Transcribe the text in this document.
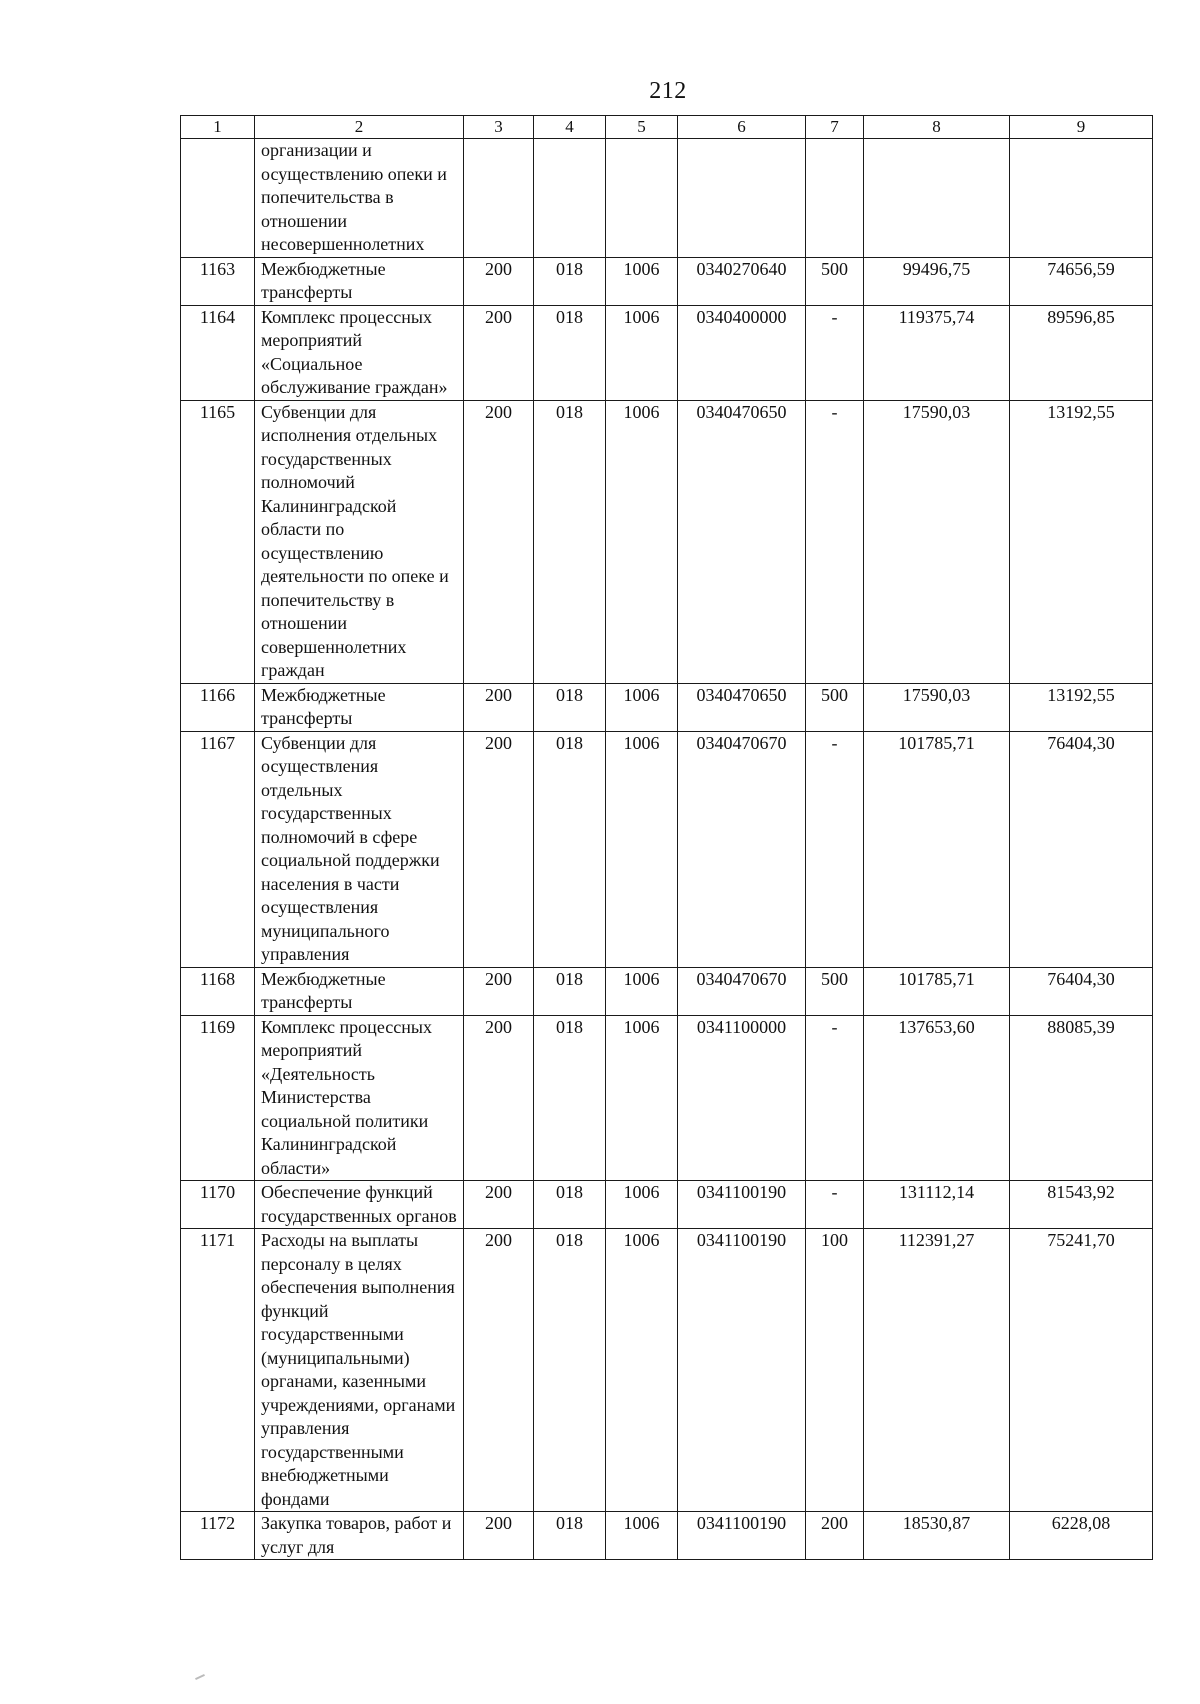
212
1	2	3	4	5	6	7	8	9
	организации и осуществлению опеки и попечительства в отношении несовершеннолетних							
1163	Межбюджетные трансферты	200	018	1006	0340270640	500	99496,75	74656,59
1164	Комплекс процессных мероприятий «Социальное обслуживание граждан»	200	018	1006	0340400000	-	119375,74	89596,85
1165	Субвенции для исполнения отдельных государственных полномочий Калининградской области по осуществлению деятельности по опеке и попечительству в отношении совершеннолетних граждан	200	018	1006	0340470650	-	17590,03	13192,55
1166	Межбюджетные трансферты	200	018	1006	0340470650	500	17590,03	13192,55
1167	Субвенции для осуществления отдельных государственных полномочий в сфере социальной поддержки населения в части осуществления муниципального управления	200	018	1006	0340470670	-	101785,71	76404,30
1168	Межбюджетные трансферты	200	018	1006	0340470670	500	101785,71	76404,30
1169	Комплекс процессных мероприятий «Деятельность Министерства социальной политики Калининградской области»	200	018	1006	0341100000	-	137653,60	88085,39
1170	Обеспечение функций государственных органов	200	018	1006	0341100190	-	131112,14	81543,92
1171	Расходы на выплаты персоналу в целях обеспечения выполнения функций государственными (муниципальными) органами, казенными учреждениями, органами управления государственными внебюджетными фондами	200	018	1006	0341100190	100	112391,27	75241,70
1172	Закупка товаров, работ и услуг для	200	018	1006	0341100190	200	18530,87	6228,08
